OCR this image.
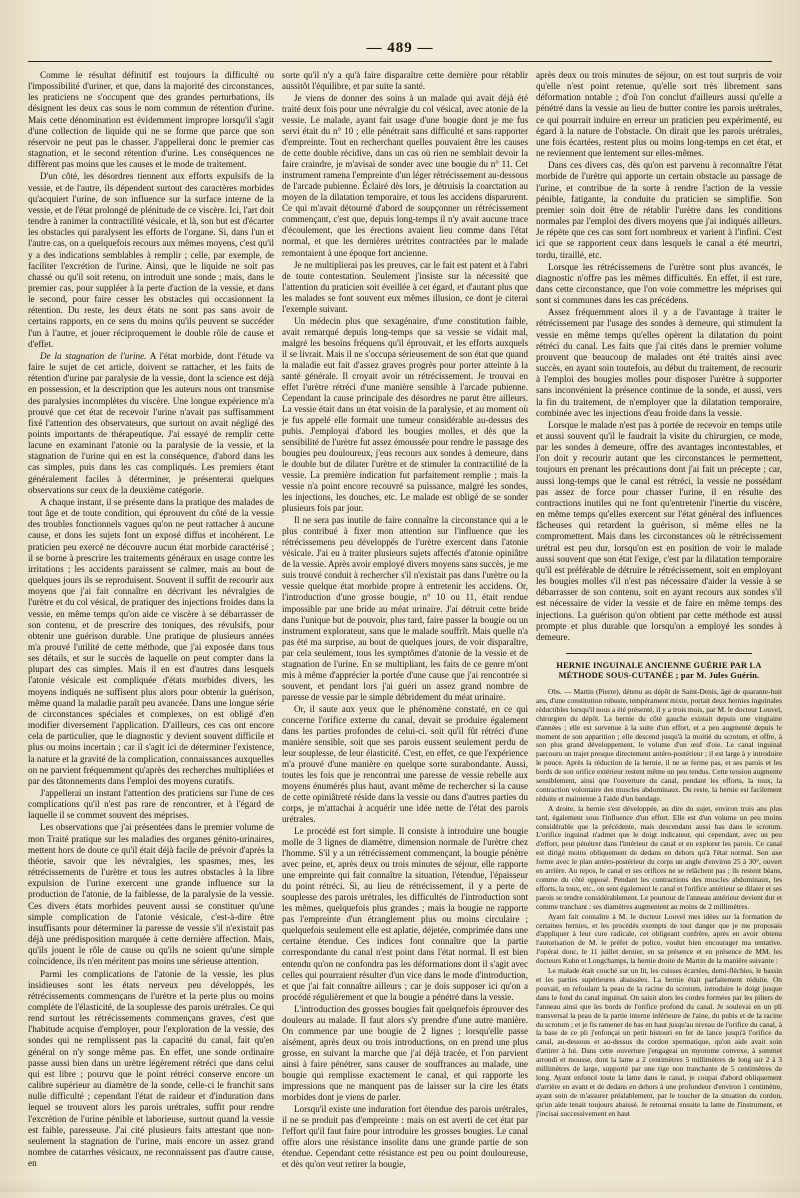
— 489 —

Comme le résultat définitif est toujours la difficulté ou l'impossibilité d'uriner, et que, dans la majorité des circonstances, les praticiens ne s'occupent que des grandes perturbations, ils désignent les deux cas sous le nom commun de rétention d'urine. Mais cette dénomination est évidemment impropre lorsqu'il s'agit d'une collection de liquide qui ne se forme que parce que son réservoir ne peut pas le chasser. J'appellerai donc le premier cas stagnation, et le second rétention d'urine. Les conséquences ne diffèrent pas moins que les causes et le mode de traitement.

D'un côté, les désordres tiennent aux efforts expulsifs de la vessie, et de l'autre, ils dépendent surtout des caractères morbides qu'acquiert l'urine, de son influence sur la surface interne de la vessie, et de l'état prolongé de plénitude de ce viscère. Ici, l'art doit tendre à ranimer la contractilité vésicale, et là, son but est d'écarter les obstacles qui paralysent les efforts de l'organe. Si, dans l'un et l'autre cas, on a quelquefois recours aux mêmes moyens, c'est qu'il y a des indications semblables à remplir ; celle, par exemple, de faciliter l'excrétion de l'urine. Ainsi, que le liquide ne soit pas chassé ou qu'il soit retenu, on introduit une sonde ; mais, dans le premier cas, pour suppléer à la perte d'action de la vessie, et dans le second, pour faire cesser les obstacles qui occasionnent la rétention. Du reste, les deux états ne sont pas sans avoir de certains rapports, en ce sens du moins qu'ils peuvent se succéder l'un à l'autre, et jouer réciproquement le double rôle de cause et d'effet.

De la stagnation de l'urine. A l'état morbide, dont l'étude va faire le sujet de cet article, doivent se rattacher, et les faits de rétention d'urine par paralysie de la vessie, dont la science est déjà en possession, et la description que les auteurs nous ont transmise des paralysies incomplètes du viscère. Une longue expérience m'a prouvé que cet état de recevoir l'urine n'avait pas suffisamment fixé l'attention des observateurs, que surtout on avait négligé des points importants de thérapeutique. J'ai essayé de remplir cette lacune en examinant l'atonie ou la paralysie de la vessie, et la stagnation de l'urine qui en est la conséquence, d'abord dans les cas simples, puis dans les cas compliqués. Les premiers étant généralement faciles à déterminer, je présenterai quelques observations sur ceux de la deuxième catégorie.

A chaque instant, il se présente dans la pratique des malades de tout âge et de toute condition, qui éprouvent du côté de la vessie des troubles fonctionnels vagues qu'on ne peut rattacher à aucune cause, et dons les sujets font un exposé diffus et incohérent. Le praticien peu exercé ne découvre aucun état morbide caractérisé ; il se borne à prescrire les traitements généraux en usage contre les irritations ; les accidents paraissent se calmer, mais au bout de quelques jours ils se reproduisent. Souvent il suffit de recourir aux moyens que j'ai fait connaître en décrivant les névralgies de l'urètre et du col vésical, de pratiquer des injections froides dans la vessie, en même temps qu'on aide ce viscère à se débarrasser de son contenu, et de prescrire des toniques, des révulsifs, pour obtenir une guérison durable. Une pratique de plusieurs années m'a prouvé l'utilité de cette méthode, que j'ai exposée dans tous ses détails, et sur le succès de laquelle on peut compter dans la plupart des cas simples. Mais il en est d'autres dans lesquels l'atonie vésicale est compliquée d'états morbides divers, les moyens indiqués ne suffisent plus alors pour obtenir la guérison, même quand la maladie paraît peu avancée. Dans une longue série de circonstances spéciales et complexes, on est obligé d'en modifier diversement l'application. D'ailleurs, ces cas ont encore cela de particulier, que le diagnostic y devient souvent difficile et plus ou moins incertain ; car il s'agit ici de déterminer l'existence, la nature et la gravité de la complication, connaissances auxquelles on ne parvient fréquemment qu'après des recherches multipliées et par des tâtonnements dans l'emploi des moyens curatifs.

J'appellerai un instant l'attention des praticiens sur l'une de ces complications qu'il n'est pas rare de rencontrer, et à l'égard de laquelle il se commet souvent des méprises.

Les observations que j'ai présentées dans le premier volume de mon Traité pratique sur les maladies des organes génito-urinaires, mettent hors de doute ce qu'il était déjà facile de prévoir d'après la théorie, savoir que les névralgies, les spasmes, mes, les rétrécissements de l'urètre et tous les autres obstacles à la libre expulsion de l'urine exercent une grande influence sur la production de l'atonie, de la faiblesse, de la paralysie de la vessie. Ces divers états morbides peuvent aussi se constituer qu'une simple complication de l'atonie vésicale, c'est-à-dire être insuffisants pour déterminer la paresse de vessie s'il n'existait pas déjà une prédisposition marquée à cette dernière affection. Mais, qu'ils jouent le rôle de cause ou qu'ils ne soient qu'une simple coïncidence, ils n'en méritent pas moins une sérieuse attention.

Parmi les complications de l'atonie de la vessie, les plus insidieuses sont les états nerveux peu développés, les rétrécissements commençans de l'urètre et la perte plus ou moins complète de l'élasticité, de la souplesse des parois urétrales. Ce qui rend surtout les rétrécissements commençans graves, c'est que l'habitude acquise d'employer, pour l'exploration de la vessie, des sondes qui ne remplissent pas la capacité du canal, fait qu'en général on n'y songe même pas. En effet, une sonde ordinaire passe aussi bien dans un urètre légèrement rétréci que dans celui qui est libre ; pourvu que le point rétréci conserve encore un calibre supérieur au diamètre de la sonde, celle-ci le franchit sans nulle difficulté ; cependant l'état de raideur et d'induration dans lequel se trouvent alors les parois urétrales, suffit pour rendre l'excrétion de l'urine pénible et laborieuse, surtout quand la vessie est faible, paresseuse. J'ai cité plusieurs faits attestant que non-seulement la stagnation de l'urine, mais encore un assez grand nombre de catarrhes vésicaux, ne reconnaissent pas d'autre cause, en

sorte qu'il n'y a qu'à faire disparaître cette dernière pour rétablir aussitôt l'équilibre, et par suite la santé.

Je viens de donner des soins à un malade qui avait déjà été traité deux fois pour une névralgie du col vésical, avec atonie de la vessie. Le malade, ayant fait usage d'une bougie dont je me fus servi était du n° 10 ; elle pénétrait sans difficulté et sans rapporter d'empreinte. Tout en recherchant quelles pouvaient être les causes de cette double récidive, dans un cas où rien ne semblait devoir la faire craindre, je m'avisai de sonder avec une bougie du n° 11. Cet instrument ramena l'empreinte d'un léger rétrécissement au-dessous de l'arcade pubienne. Éclairé dès lors, je détruisis la coarctation au moyen de la dilatation temporaire, et tous les accidens disparurent. Ce qui m'avait détourné d'abord de soupçonner un rétrécissement commençant, c'est que, depuis long-temps il n'y avait aucune trace d'écoulement, que les érections avaient lieu comme dans l'état normal, et que les dernières urétrites contractées par le malade remontaient à une époque fort ancienne.

Je ne multiplierai pas les preuves, car le fait est patent et à l'abri de toute contestation. Seulement j'insiste sur la nécessité que l'attention du praticien soit éveillée à cet égard, et d'autant plus que les malades se font souvent eux mêmes illusion, ce dont je citerai l'exemple suivant.

Un médecin plus que sexagénaire, d'une constitution faible, avait remarqué depuis long-temps que sa vessie se vidait mal, malgré les besoins fréquens qu'il éprouvait, et les efforts auxquels il se livrait. Mais il ne s'occupa sérieusement de son état que quand la maladie eut fait d'assez graves progrès pour porter atteinte à la santé générale. Il croyait avoir un rétrécissement. Je trouvai en effet l'urètre rétréci d'une manière sensible à l'arcade pubienne. Cependant la cause principale des désordres ne parut être ailleurs. La vessie était dans un état voisin de la paralysie, et au moment où je fus appelé elle formait une tumeur considérable au-dessus des pubis. J'employai d'abord les bougies molles, et dès que la sensibilité de l'urètre fut assez émoussée pour rendre le passage des bougies peu douloureux, j'eus recours aux sondes à demeure, dans le double but de dilater l'urètre et de stimuler la contractilité de la vessie. La première indication fut parfaitement remplie ; mais la vessie n'a point encore recouvré sa puissance, malgré les sondes, les injections, les douches, etc. Le malade est obligé de se sonder plusieurs fois par jour.

Il ne sera pas inutile de faire connaître la circonstance qui a le plus contribué à fixer mon attention sur l'influence que les rétrécissemens peu développés de l'urètre exercent dans l'atonie vésicale. J'ai eu à traiter plusieurs sujets affectés d'atonie opiniâtre de la vessie. Après avoir employé divers moyens sans succès, je me suis trouvé conduit à rechercher s'il n'existait pas dans l'urètre ou la vessie quelque état morbide propre à entretenir les accidens. Or, l'introduction d'une grosse bougie, n° 10 ou 11, était rendue impossible par une bride au méat urinaire. J'ai détruit cette bride dans l'unique but de pouvoir, plus tard, faire passer la bougie ou un instrument explorateur, sans que le malade souffrît. Mais quelle n'a pas été ma surprise, au bout de quelques jours, de voir disparaître, par cela seulement, tous les symptômes d'atonie de la vessie et de stagnation de l'urine. En se multipliant, les faits de ce genre m'ont mis à même d'apprécier la portée d'une cause que j'ai rencontrée si souvent, et pendant lors j'ai guéri un assez grand nombre de paresse de vessie par le simple débridement du méat urinaire.

Or, il saute aux yeux que le phénomène constaté, en ce qui concerne l'orifice externe du canal, devait se produire également dans les parties profondes de celui-ci. soit qu'il fût rétréci d'une manière sensible, soit que ses parois eussent seulement perdu de leur souplesse, de leur élasticité. C'est, en effet, ce que l'expérience m'a prouvé d'une manière en quelque sorte surabondante. Aussi, toutes les fois que je rencontrai une paresse de vessie rebelle aux moyens énumérés plus haut, avant même de rechercher si la cause de cette opiniâtreté réside dans la vessie ou dans d'autres parties du corps, je m'attachai à acquérir une idée nette de l'état des parois urétrales.

Le procédé est fort simple. Il consiste à introduire une bougie molle de 3 lignes de diamètre, dimension normale de l'urètre chez l'homme. S'il y a un rétrécissement commençant, la bougie pénètre avec peine, et, après deux ou trois minutes de séjour, elle rapporte une empreinte qui fait connaître la situation, l'étendue, l'épaisseur du point rétréci. Si, au lieu de rétrécissement, il y a perte de souplesse des parois urétrales, les difficultés de l'introduction sont les mêmes, quelquefois plus grandes ; mais la bougie ne rapporte pas l'empreinte d'un étranglement plus ou moins circulaire ; quelquefois seulement elle est aplatie, déjetée, comprimée dans une certaine étendue. Ces indices font connaître que la partie correspondante du canal n'est point dans l'état normal. Il est bien entendu qu'on ne confondra pas les déformations dont il s'agit avec celles qui pourraient résulter d'un vice dans le mode d'introduction, et que j'ai fait connaître ailleurs ; car je dois supposer ici qu'on a procédé régulièrement et que la bougie a pénétré dans la vessie.

L'introduction des grosses bougies fait quelquefois éprouver des douleurs au malade. Il faut alors s'y prendre d'une autre manière. On commence par une bougie de 2 lignes ; lorsqu'elle passe aisément, après deux ou trois introductions, on en prend une plus grosse, en suivant la marche que j'ai déjà tracée, et l'on parvient ainsi à faire pénétrer, sans causer de souffrances au malade, une bougie qui remplisse exactement le canal, et qui rapporte les impressions que ne manquent pas de laisser sur la cire les états morbides dont je viens de parler.

Lorsqu'il existe une induration fort étendue des parois urétrales, il ne se produit pas d'empreinte : mais on est averti de cet état par l'effort qu'il faut faire pour introduire les grosses bougies. Le canal offre alors une résistance insolite dans une grande partie de son étendue. Cependant cette résistance est peu ou point douloureuse, et dès qu'on veut retirer la bougie,

après deux ou trois minutes de séjour, on est tout surpris de voir qu'elle n'est point retenue, qu'elle sort très librement sans déformation notable ; d'où l'on conclut d'ailleurs aussi qu'elle a pénétré dans la vessie au lieu de butter contre les parois urétrales, ce qui pourrait induire en erreur un praticien peu expérimenté, eu égard à la nature de l'obstacle. On dirait que les parois urétrales, une fois écartées, restent plus ou moins long-temps en cet état, et ne reviennent que lentement sur elles-mêmes.

Dans ces divers cas, dès qu'on est parvenu à reconnaître l'état morbide de l'urètre qui apporte un certain obstacle au passage de l'urine, et contribue de la sorte à rendre l'action de la vessie pénible, fatigante, la conduite du praticien se simplifie. Son premier soin doit être de rétablir l'urètre dans les conditions normales par l'emploi des divers moyens que j'ai indiqués ailleurs. Je répète que ces cas sont fort nombreux et varient à l'infini. C'est ici que se rapportent ceux dans lesquels le canal a été meurtri, tordu, tiraillé, etc.

Lorsque les rétrécissemens de l'urètre sont plus avancés, le diagnostic n'offre pas les mêmes difficultés. En effet, il est rare, dans cette circonstance, que l'on voie commettre les méprises qui sont si communes dans les cas précédens.

Assez fréquemment alors il y a de l'avantage à traiter le rétrécissement par l'usage des sondes à demeure, qui stimulent la vessie en même temps qu'elles opèrent la dilatation du point rétréci du canal. Les faits que j'ai cités dans le premier volume prouvent que beaucoup de malades ont été traités ainsi avec succès, en ayant soin toutefois, au début du traitement, de recourir à l'emploi des bougies molles pour disposer l'urètre à supporter sans inconvénient la présence continue de la sonde, et aussi, vers la fin du traitement, de n'employer que la dilatation temporaire, combinée avec les injections d'eau froide dans la vessie.

Lorsque le malade n'est pas à portée de recevoir en temps utile et aussi souvent qu'il le faudrait la visite du chirurgien, ce mode, par les sondes à demeure, offre des avantages incontestables, et l'on doit y recourir autant que les circonstances le permettent, toujours en prenant les précautions dont j'ai fait un précepte ; car, aussi long-temps que le canal est rétréci, la vessie ne possédant pas assez de force pour chasser l'urine, il en résulte des contractions inutiles qui ne font qu'entretenir l'inertie du viscère, en même temps qu'elles exercent sur l'état général des influences fâcheuses qui retardent la guérison, si même elles ne la compromettent. Mais dans les circonstances où le rétrécissement urétral est peu dur, lorsqu'on est en position de voir le malade aussi souvent que son état l'exige, c'est par la dilatation temporaire qu'il est préférable de détruire le rétrécissement, soit en employant les bougies molles s'il n'est pas nécessaire d'aider la vessie à se débarrasser de son contenu, soit en ayant recours aux sondes s'il est nécessaire de vider la vessie et de faire en même temps des injections. La guérison qu'on obtient par cette méthode est aussi prompte et plus durable que lorsqu'on a employé les sondes à demeure.

HERNIE INGUINALE ANCIENNE GUÉRIE PAR LA MÉTHODE SOUS-CUTANÉE ; par M. Jules Guérin.

Obs. — Martin (Pierre), détenu au dépôt de Saint-Denis, âgé de quarante-huit ans, d'une constitution robuste, tempérament mixte, portait deux hernies inguinales réductibles lorsqu'il nous a été présenté, il y a trois mois, par M. le docteur Louvel, chirurgien du dépôt. La hernie du côté gauche existait depuis une vingtaine d'années ; elle est survenue à la suite d'un effort, et a peu augmenté depuis le moment de son apparition ; elle descend jusqu'à la moitié du scrotum, et offre, à son plus grand développement, le volume d'un œuf d'oie. Le canal inguinal parcouru un trajet presque directement antéro-postérieur ; il est large à y introduire le pouce. Après la réduction de la hernie, il ne se ferme pas, et ses parois et les bords de son orifice extérieur restent même un peu tendus. Cette tension augmente sensiblement, ainsi que l'ouverture du canal, pendant les efforts, la toux, la contraction volontaire des muscles abdominaux. Du reste, la hernie est facilement réduite et maintenue à l'aide d'un bandage.

A droite, la hernie s'est développée, au dire du sujet, environ trois ans plus tard, également sous l'influence d'un effort. Elle est d'un volume un peu moins considérable que la précédente, mais descendant aussi bas dans le scrotum. L'orifice inguinal n'admet que le doigt indicateur, qui cependant, avec un peu d'effort, peut pénétrer dans l'intérieur du canal et en explorer les parois. Ce canal est dirigé moins obliquement de dedans en dehors qu'à l'état normal. Son axe forme avec le plan antéro-postérieur du corps un angle d'environ 25 à 30°, ouvert en arrière. Au repos, le canal et ses orifices ne se relâchent pas ; ils restent béans, comme du côté opposé. Pendant les contractions des muscles abdominaux, les efforts, la toux, etc., on sent également le canal et l'orifice antérieur se dilater et ses parois se tendre considérablement. Le pourtour de l'anneau antérieur devient dur et comme tranchant : ses diamètres augmentent au moins de 2 millimètres.

Ayant fait connaître à M. le docteur Louvel mes idées sur la formation de certaines hernies, et les procédés exempts de tout danger que je me proposais d'appliquer à leur cure radicale, cet obligeant confrère, après en avoir obtenu l'autorisation de M. le préfet de police, voulut bien encourager ma tentative. J'opérai donc, le 11 juillet dernier, en sa présence et en présence de MM. les docteurs Kuhn et Longchamps, la hernie droite de Martin de la manière suivante :

Le malade était couché sur un lit, les cuisses écartées, demi-fléchies, le bassin et les parties supérieures abaissées. La hernie était parfaitement réduite. On pouvait, en refoulant la peau de la racine du scrotum, introduire le doigt jusque dans le fond du canal inguinal. On saisit alors les cordes formées par les piliers de l'anneau ainsi que les bords de l'orifice profond du canal. Je soulevai en un pli transversal la peau de la partie interne inférieure de l'aine, du pubis et de la racine du scrotum ; et je fis ramener de bas en haut jusqu'au niveau de l'orifice du canal, à la base de ce pli j'enfonçai un petit bistouri en fer de lance jusqu'à l'orifice du canal, au-dessous et au-dessus du cordon spermatique, qu'on aide avait soin d'attirer à lui. Dans cette ouverture j'engageai un myotome convexe, à sommet arrondi et mousse, dont la lame a 2 centimètres 5 millimètres de long sur 2 à 3 millimètres de large, supporté par une tige non tranchante de 5 centimètres de long. Ayant enfoncé toute la lame dans le canal, je coupai d'abord obliquement d'arrière en avant et de dedans en dehors à une profondeur d'environ 1 centimètre, ayant soin de m'assurer préalablement, par le toucher de la situation du cordon, qu'un aide tenait toujours abaissé. Je retournai ensuite la lame de l'instrument, et j'incisai successivement en haut
